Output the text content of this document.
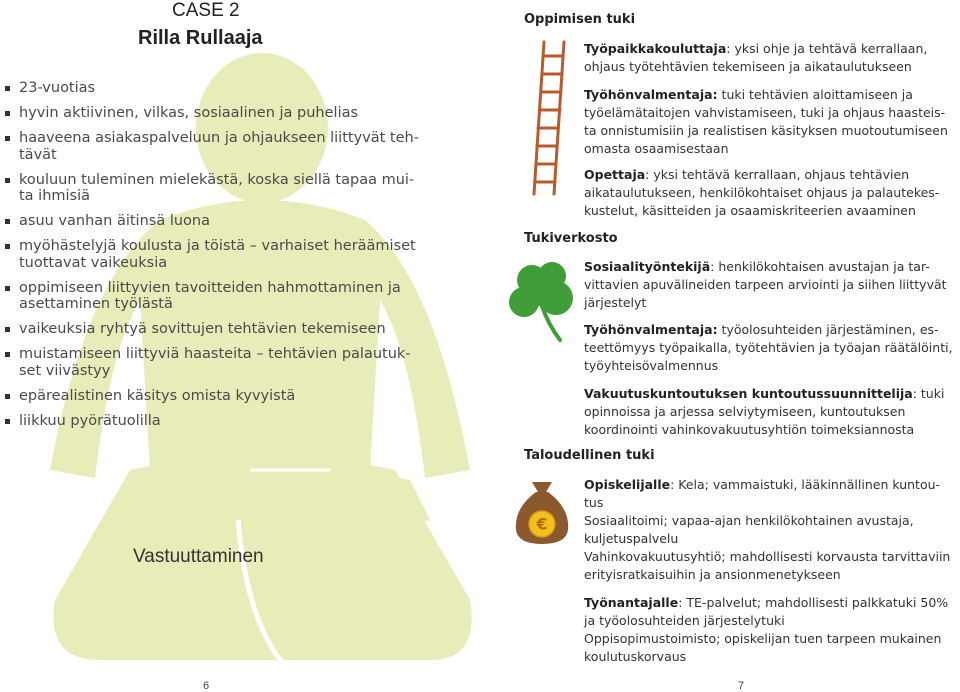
CASE 2
Rilla Rullaaja
23-vuotias
hyvin aktiivinen, vilkas, sosiaalinen ja puhelias
haaveena asiakaspalveluun ja ohjaukseen liittyvät teh-tävät
kouluun tuleminen mielekästä, koska siellä tapaa mui-ta ihmisiä
asuu vanhan äitinsä luona
myöhästelyjä koulusta ja töistä – varhaiset heräämiset tuottavat vaikeuksia
oppimiseen liittyvien tavoitteiden hahmottaminen ja asettaminen työlästä
vaikeuksia ryhtyä sovittujen tehtävien tekemiseen
muistamiseen liittyviä haasteita – tehtävien palautuk-set viivästyy
epärealistinen käsitys omista kyvyistä
liikkuu pyörätuolilla
Vastuuttaminen
6
Oppimisen tuki

Työpaikkakouluttaja: yksi ohje ja tehtävä kerrallaan, ohjaus työtehtävien tekemiseen ja aikataulutukseen

Työhönvalmentaja: tuki tehtävien aloittamiseen ja työelämätaitojen vahvistamiseen, tuki ja ohjaus haasteis-ta onnistumisiin ja realistisen käsityksen muotoutumiseen omasta osaamisestaan

Opettaja: yksi tehtävä kerrallaan, ohjaus tehtävien aikataulutukseen, henkilökohtaiset ohjaus ja palautekes-kustelut, käsitteiden ja osaamiskriteerien avaaminen

Tukiverkosto

Sosiaalityöntekijä: henkilökohtaisen avustajan ja tar-vittavien apuvälineiden tarpeen arviointi ja siihen liittyvät järjestelyt

Työhönvalmentaja: työolosuhteiden järjestäminen, es-teettömyys työpaikalla, työtehtävien ja työajan räätälöinti, työyhteisövalmennus

Vakuutuskuntoutuksen kuntoutussuunnittelija: tuki opinnoissa ja arjessa selviytymiseen, kuntoutuksen koordinointi vahinkovakuutusyhtiön toimeksiannosta

Taloudellinen tuki
€

Opiskelijalle: Kela; vammaistuki, lääkinnällinen kuntou-tus

Sosiaalitoimi; vapaa-ajan henkilökohtainen avustaja, kuljetuspalvelu

Vahinkovakuutusyhtiö; mahdollisesti korvausta tarvittaviin erityisratkaisuihin ja ansionmenetykseen

Työnantajalle: TE-palvelut; mahdollisesti palkkatuki 50% ja työolosuhteiden järjestelytuki

Oppisopimustoimisto; opiskelijan tuen tarpeen mukainen koulutuskorvaus

7
